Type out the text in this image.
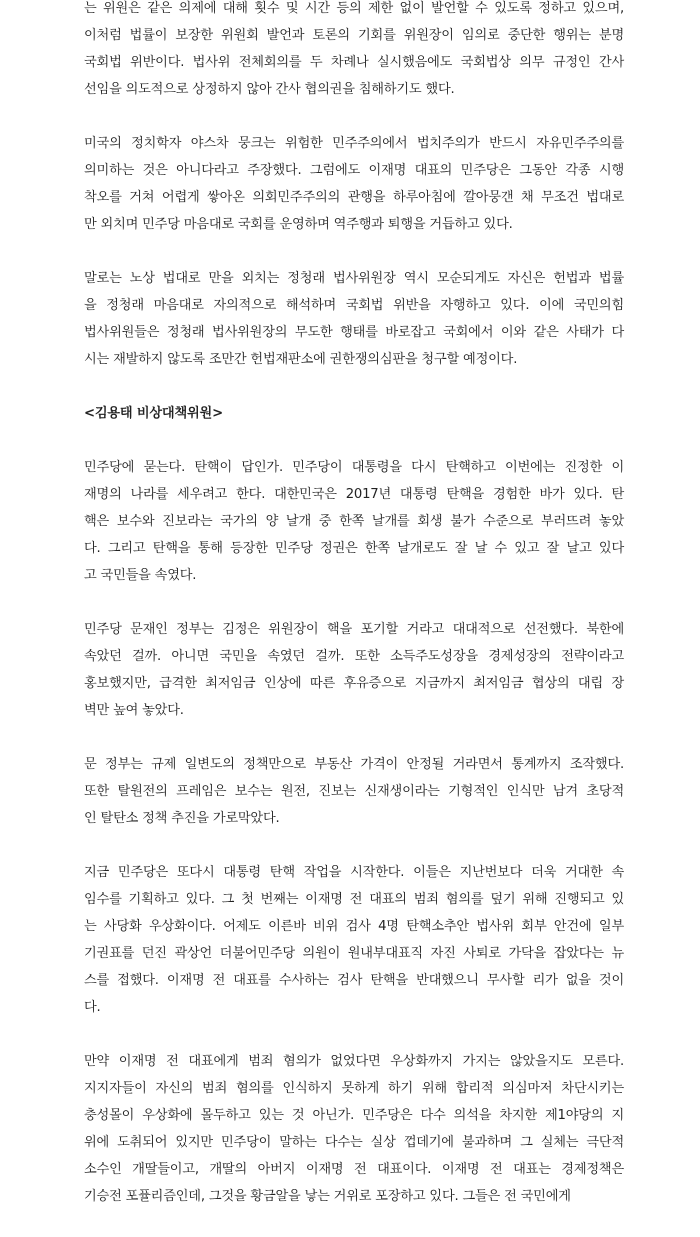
는 위원은 같은 의제에 대해 횟수 및 시간 등의 제한 없이 발언할 수 있도록 정하고 있으며,
이처럼 법률이 보장한 위원회 발언과 토론의 기회를 위원장이 임의로 중단한 행위는 분명
국회법 위반이다. 법사위 전체회의를 두 차례나 실시했음에도 국회법상 의무 규정인 간사
선임을 의도적으로 상정하지 않아 간사 협의권을 침해하기도 했다.
미국의 정치학자 야스차 뭉크는 위험한 민주주의에서 법치주의가 반드시 자유민주주의를
의미하는 것은 아니다라고 주장했다. 그럼에도 이재명 대표의 민주당은 그동안 각종 시행
착오를 거쳐 어렵게 쌓아온 의회민주주의의 관행을 하루아침에 깔아뭉갠 채 무조건 법대로
만 외치며 민주당 마음대로 국회를 운영하며 역주행과 퇴행을 거듭하고 있다.
말로는 노상 법대로 만을 외치는 정청래 법사위원장 역시 모순되게도 자신은 헌법과 법률
을 정청래 마음대로 자의적으로 해석하며 국회법 위반을 자행하고 있다. 이에 국민의힘
법사위원들은 정청래 법사위원장의 무도한 행태를 바로잡고 국회에서 이와 같은 사태가 다
시는 재발하지 않도록 조만간 헌법재판소에 권한쟁의심판을 청구할 예정이다.
<김용태 비상대책위원>
민주당에 묻는다. 탄핵이 답인가. 민주당이 대통령을 다시 탄핵하고 이번에는 진정한 이
재명의 나라를 세우려고 한다. 대한민국은 2017년 대통령 탄핵을 경험한 바가 있다. 탄
핵은 보수와 진보라는 국가의 양 날개 중 한쪽 날개를 회생 불가 수준으로 부러뜨려 놓았
다. 그리고 탄핵을 통해 등장한 민주당 정권은 한쪽 날개로도 잘 날 수 있고 잘 날고 있다
고 국민들을 속였다.
민주당 문재인 정부는 김정은 위원장이 핵을 포기할 거라고 대대적으로 선전했다. 북한에
속았던 걸까. 아니면 국민을 속였던 걸까. 또한 소득주도성장을 경제성장의 전략이라고
홍보했지만, 급격한 최저임금 인상에 따른 후유증으로 지금까지 최저임금 협상의 대립 장
벽만 높여 놓았다.
문 정부는 규제 일변도의 정책만으로 부동산 가격이 안정될 거라면서 통계까지 조작했다.
또한 탈원전의 프레임은 보수는 원전, 진보는 신재생이라는 기형적인 인식만 남겨 초당적
인 탈탄소 정책 추진을 가로막았다.
지금 민주당은 또다시 대통령 탄핵 작업을 시작한다. 이들은 지난번보다 더욱 거대한 속
임수를 기획하고 있다. 그 첫 번째는 이재명 전 대표의 범죄 혐의를 덮기 위해 진행되고 있
는 사당화 우상화이다. 어제도 이른바 비위 검사 4명 탄핵소추안 법사위 회부 안건에 일부
기권표를 던진 곽상언 더불어민주당 의원이 원내부대표직 자진 사퇴로 가닥을 잡았다는 뉴
스를 접했다. 이재명 전 대표를 수사하는 검사 탄핵을 반대했으니 무사할 리가 없을 것이
다.
만약 이재명 전 대표에게 범죄 혐의가 없었다면 우상화까지 가지는 않았을지도 모른다.
지지자들이 자신의 범죄 혐의를 인식하지 못하게 하기 위해 합리적 의심마저 차단시키는
충성몰이 우상화에 몰두하고 있는 것 아닌가. 민주당은 다수 의석을 차지한 제1야당의 지
위에 도취되어 있지만 민주당이 말하는 다수는 실상 껍데기에 불과하며 그 실체는 극단적
소수인 개딸들이고, 개딸의 아버지 이재명 전 대표이다. 이재명 전 대표는 경제정책은
기승전 포퓰리즘인데, 그것을 황금알을 낳는 거위로 포장하고 있다. 그들은 전 국민에게
